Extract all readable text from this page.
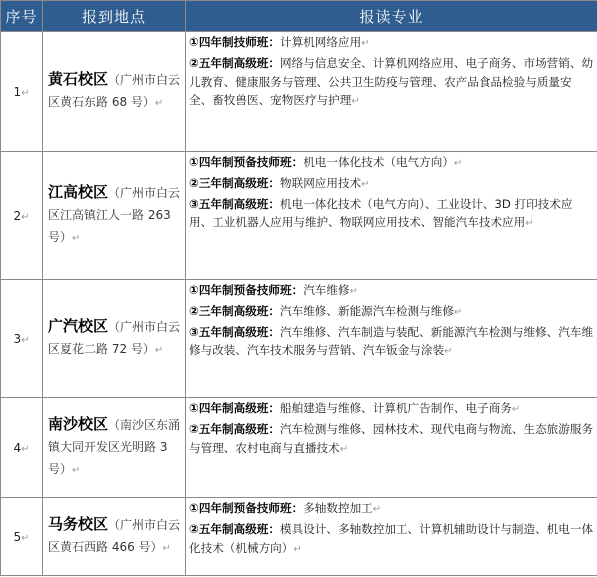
序号	报到地点	报读专业
1↵	黄石校区（广州市白云区黄石东路 68 号）↵	①四年制技师班：计算机网络应用↵
②五年制高级班：网络与信息安全、计算机网络应用、电子商务、市场营销、幼儿教育、健康服务与管理、公共卫生防疫与管理、农产品食品检验与质量安全、畜牧兽医、宠物医疗与护理↵

2↵	江高校区（广州市白云区江高镇江人一路 263 号）↵	①四年制预备技师班：机电一体化技术（电气方向）↵
②三年制高级班：物联网应用技术↵
③五年制高级班：机电一体化技术（电气方向）、工业设计、3D 打印技术应用、工业机器人应用与维护、物联网应用技术、智能汽车技术应用↵

3↵	广汽校区（广州市白云区夏花二路 72 号）↵	①四年制预备技师班：汽车维修↵
②三年制高级班：汽车维修、新能源汽车检测与维修↵
③五年制高级班：汽车维修、汽车制造与装配、新能源汽车检测与维修、汽车维修与改装、汽车技术服务与营销、汽车钣金与涂装↵

4↵	南沙校区（南沙区东涌镇大同开发区光明路 3 号）↵	①四年制高级班：船舶建造与维修、计算机广告制作、电子商务↵
②五年制高级班：汽车检测与维修、园林技术、现代电商与物流、生态旅游服务与管理、农村电商与直播技术↵

5↵	马务校区（广州市白云区黄石西路 466 号）↵	①四年制预备技师班：多轴数控加工↵
②五年制高级班：模具设计、多轴数控加工、计算机辅助设计与制造、机电一体化技术（机械方向）↵
